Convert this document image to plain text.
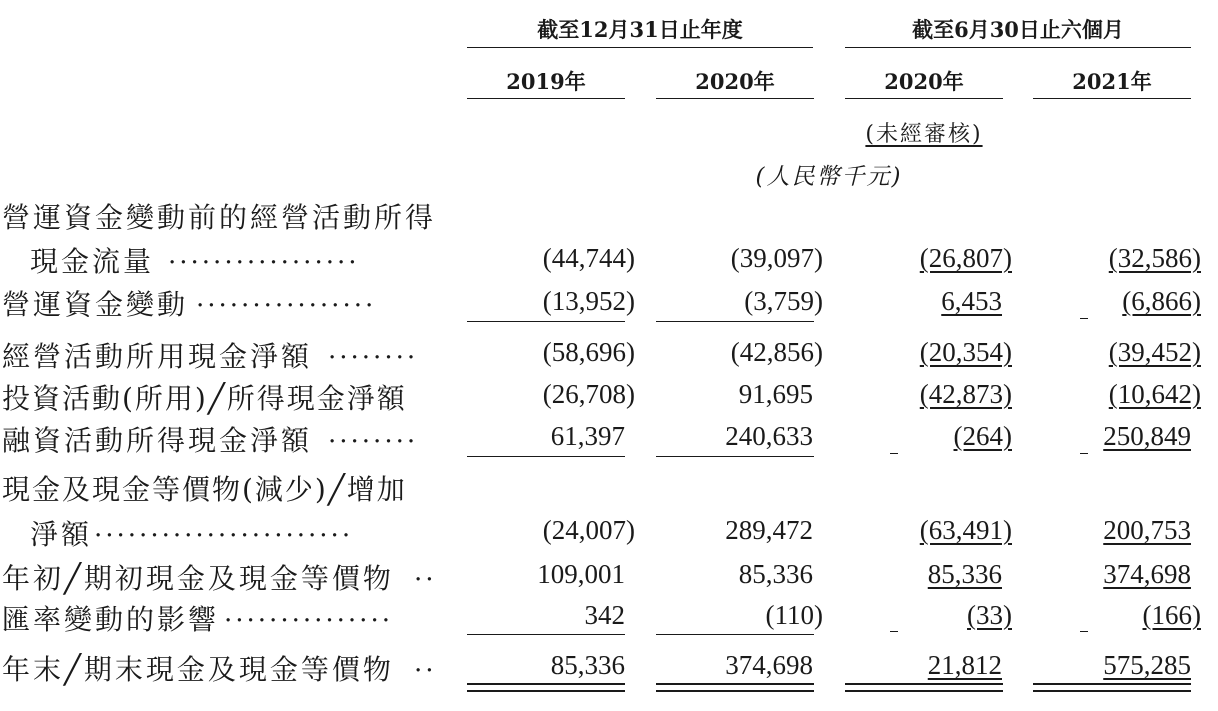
截至12月31日止年度	截至6月30日止六個月
2019年	2020年	2020年	2021年
(未經審核)
(人民幣千元)
營運資金變動前的經營活動所得
現金流量 .................	(44,744)	(39,097)	(26,807)	(32,586)
營運資金變動 ................	(13,952)	(3,759)	6,453	(6,866)
經營活動所用現金淨額 ........	(58,696)	(42,856)	(20,354)	(39,452)
投資活動(所用)╱所得現金淨額	(26,708)	91,695	(42,873)	(10,642)
融資活動所得現金淨額 ........	61,397	240,633	(264)	250,849
現金及現金等價物(減少)╱增加
淨額 .......................	(24,007)	289,472	(63,491)	200,753
年初╱期初現金及現金等價物 ..	109,001	85,336	85,336	374,698
匯率變動的影響 ...............	342	(110)	(33)	(166)
年末╱期末現金及現金等價物 ..	85,336	374,698	21,812	575,285
